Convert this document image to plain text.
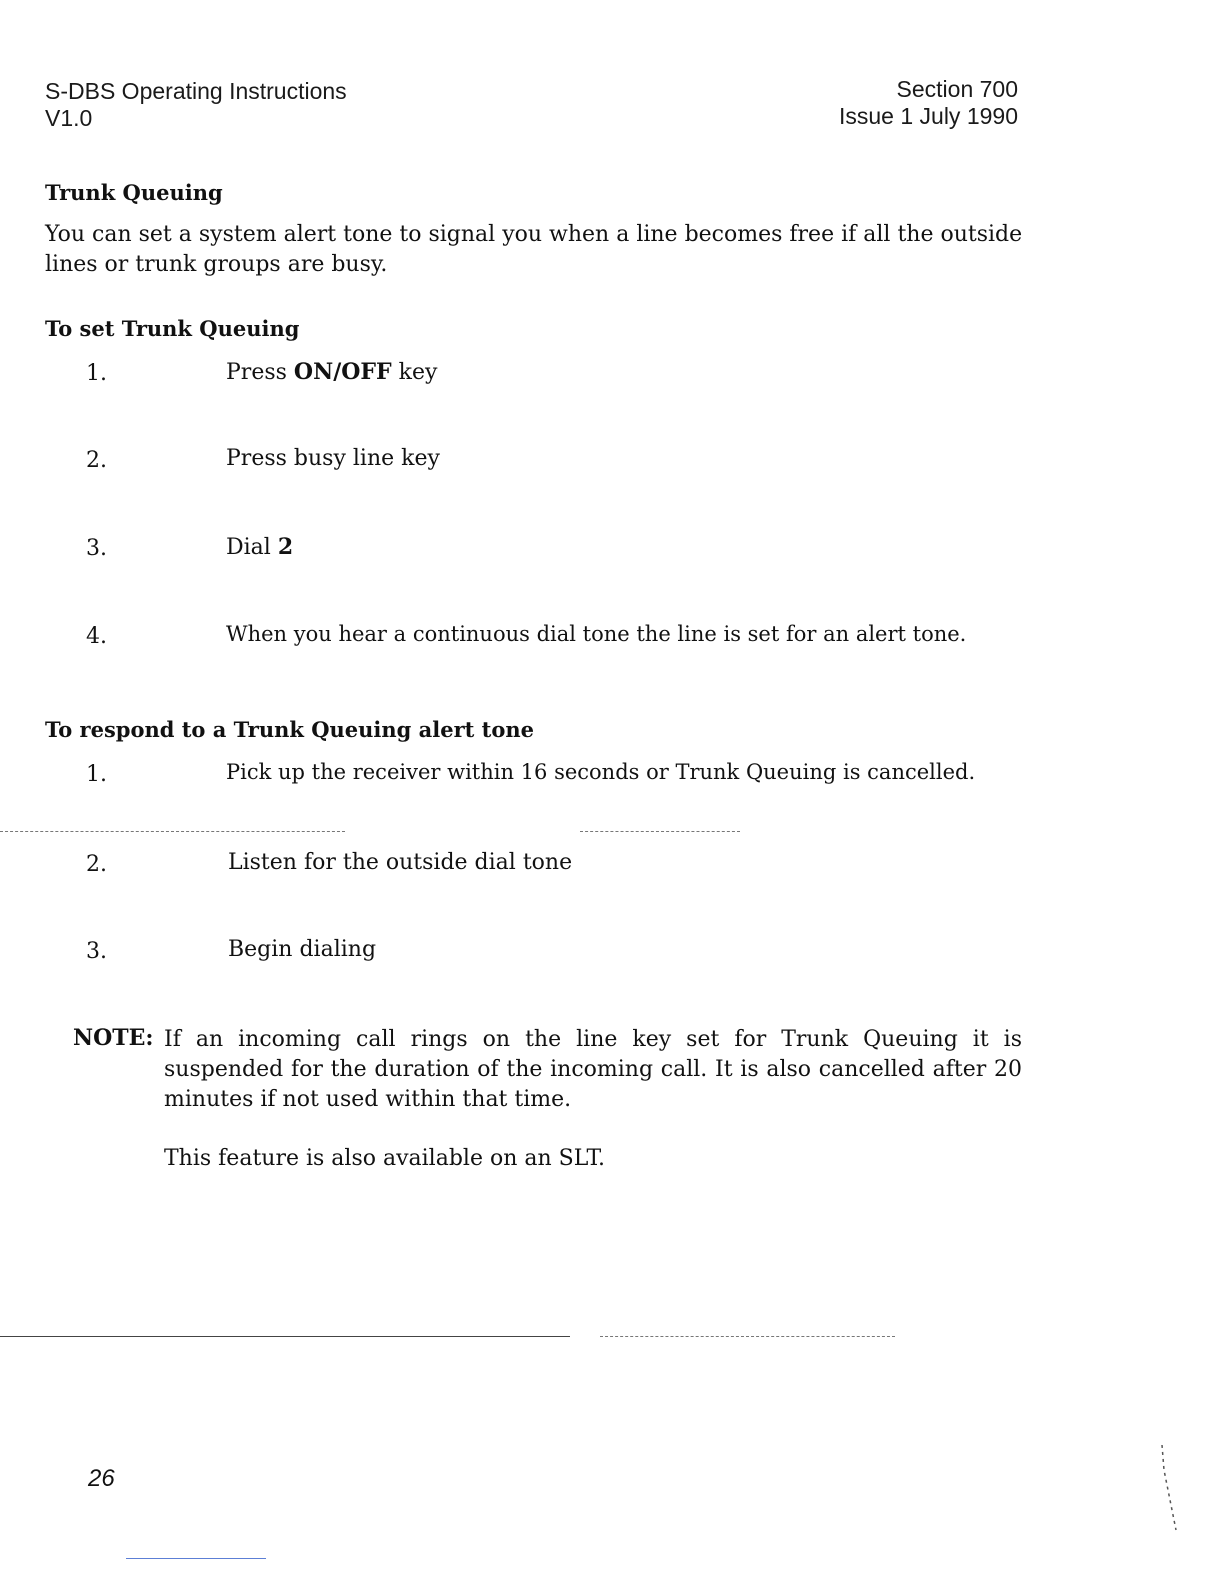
S-DBS Operating Instructions
V1.0
Section 700
Issue 1 July 1990
Trunk Queuing
You can set a system alert tone to signal you when a line becomes free if all the outside lines or trunk groups are busy.
To set Trunk Queuing
1.	Press ON/OFF key
2.	Press busy line key
3.	Dial 2
4.	When you hear a continuous dial tone the line is set for an alert tone.
To respond to a Trunk Queuing alert tone
1.	Pick up the receiver within 16 seconds or Trunk Queuing is cancelled.
2.	Listen for the outside dial tone
3.	Begin dialing
NOTE: If an incoming call rings on the line key set for Trunk Queuing it is suspended for the duration of the incoming call. It is also cancelled after 20 minutes if not used within that time.
This feature is also available on an SLT.
26
